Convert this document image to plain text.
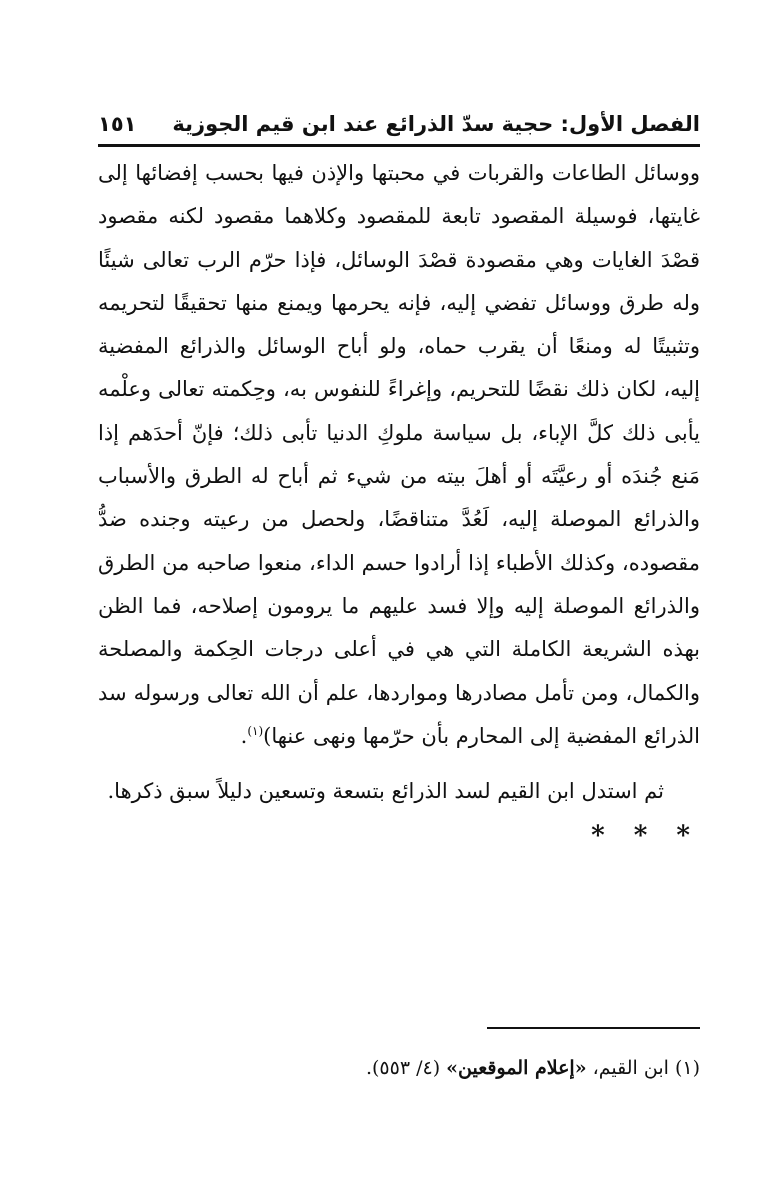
الفصل الأول: حجية سدّ الذرائع عند ابن قيم الجوزية
١٥١

ووسائل الطاعات والقربات في محبتها والإذن فيها بحسب إفضائها إلى غايتها، فوسيلة المقصود تابعة للمقصود وكلاهما مقصود لكنه مقصود قصْدَ الغايات وهي مقصودة قصْدَ الوسائل، فإذا حرّم الرب تعالى شيئًا وله طرق ووسائل تفضي إليه، فإنه يحرمها ويمنع منها تحقيقًا لتحريمه وتثبيتًا له ومنعًا أن يقرب حماه، ولو أباح الوسائل والذرائع المفضية إليه، لكان ذلك نقضًا للتحريم، وإغراءً للنفوس به، وحِكمته تعالى وعلْمه يأبى ذلك كلَّ الإباء، بل سياسة ملوكِ الدنيا تأبى ذلك؛ فإنّ أحدَهم إذا مَنع جُندَه أو رعيَّتَه أو أهلَ بيته من شيء ثم أباح له الطرق والأسباب والذرائع الموصلة إليه، لَعُدَّ متناقضًا، ولحصل من رعيته وجنده ضدُّ مقصوده، وكذلك الأطباء إذا أرادوا حسم الداء، منعوا صاحبه من الطرق والذرائع الموصلة إليه وإلا فسد عليهم ما يرومون إصلاحه، فما الظن بهذه الشريعة الكاملة التي هي في أعلى درجات الحِكمة والمصلحة والكمال، ومن تأمل مصادرها ومواردها، علم أن الله تعالى ورسوله سد الذرائع المفضية إلى المحارم بأن حرّمها ونهى عنها)$^{(١)}$.

ثم استدل ابن القيم لسد الذرائع بتسعة وتسعين دليلاً سبق ذكرها.

* * *
(١) ابن القيم، «إعلام الموقعين» (٤/ ٥٥٣).
